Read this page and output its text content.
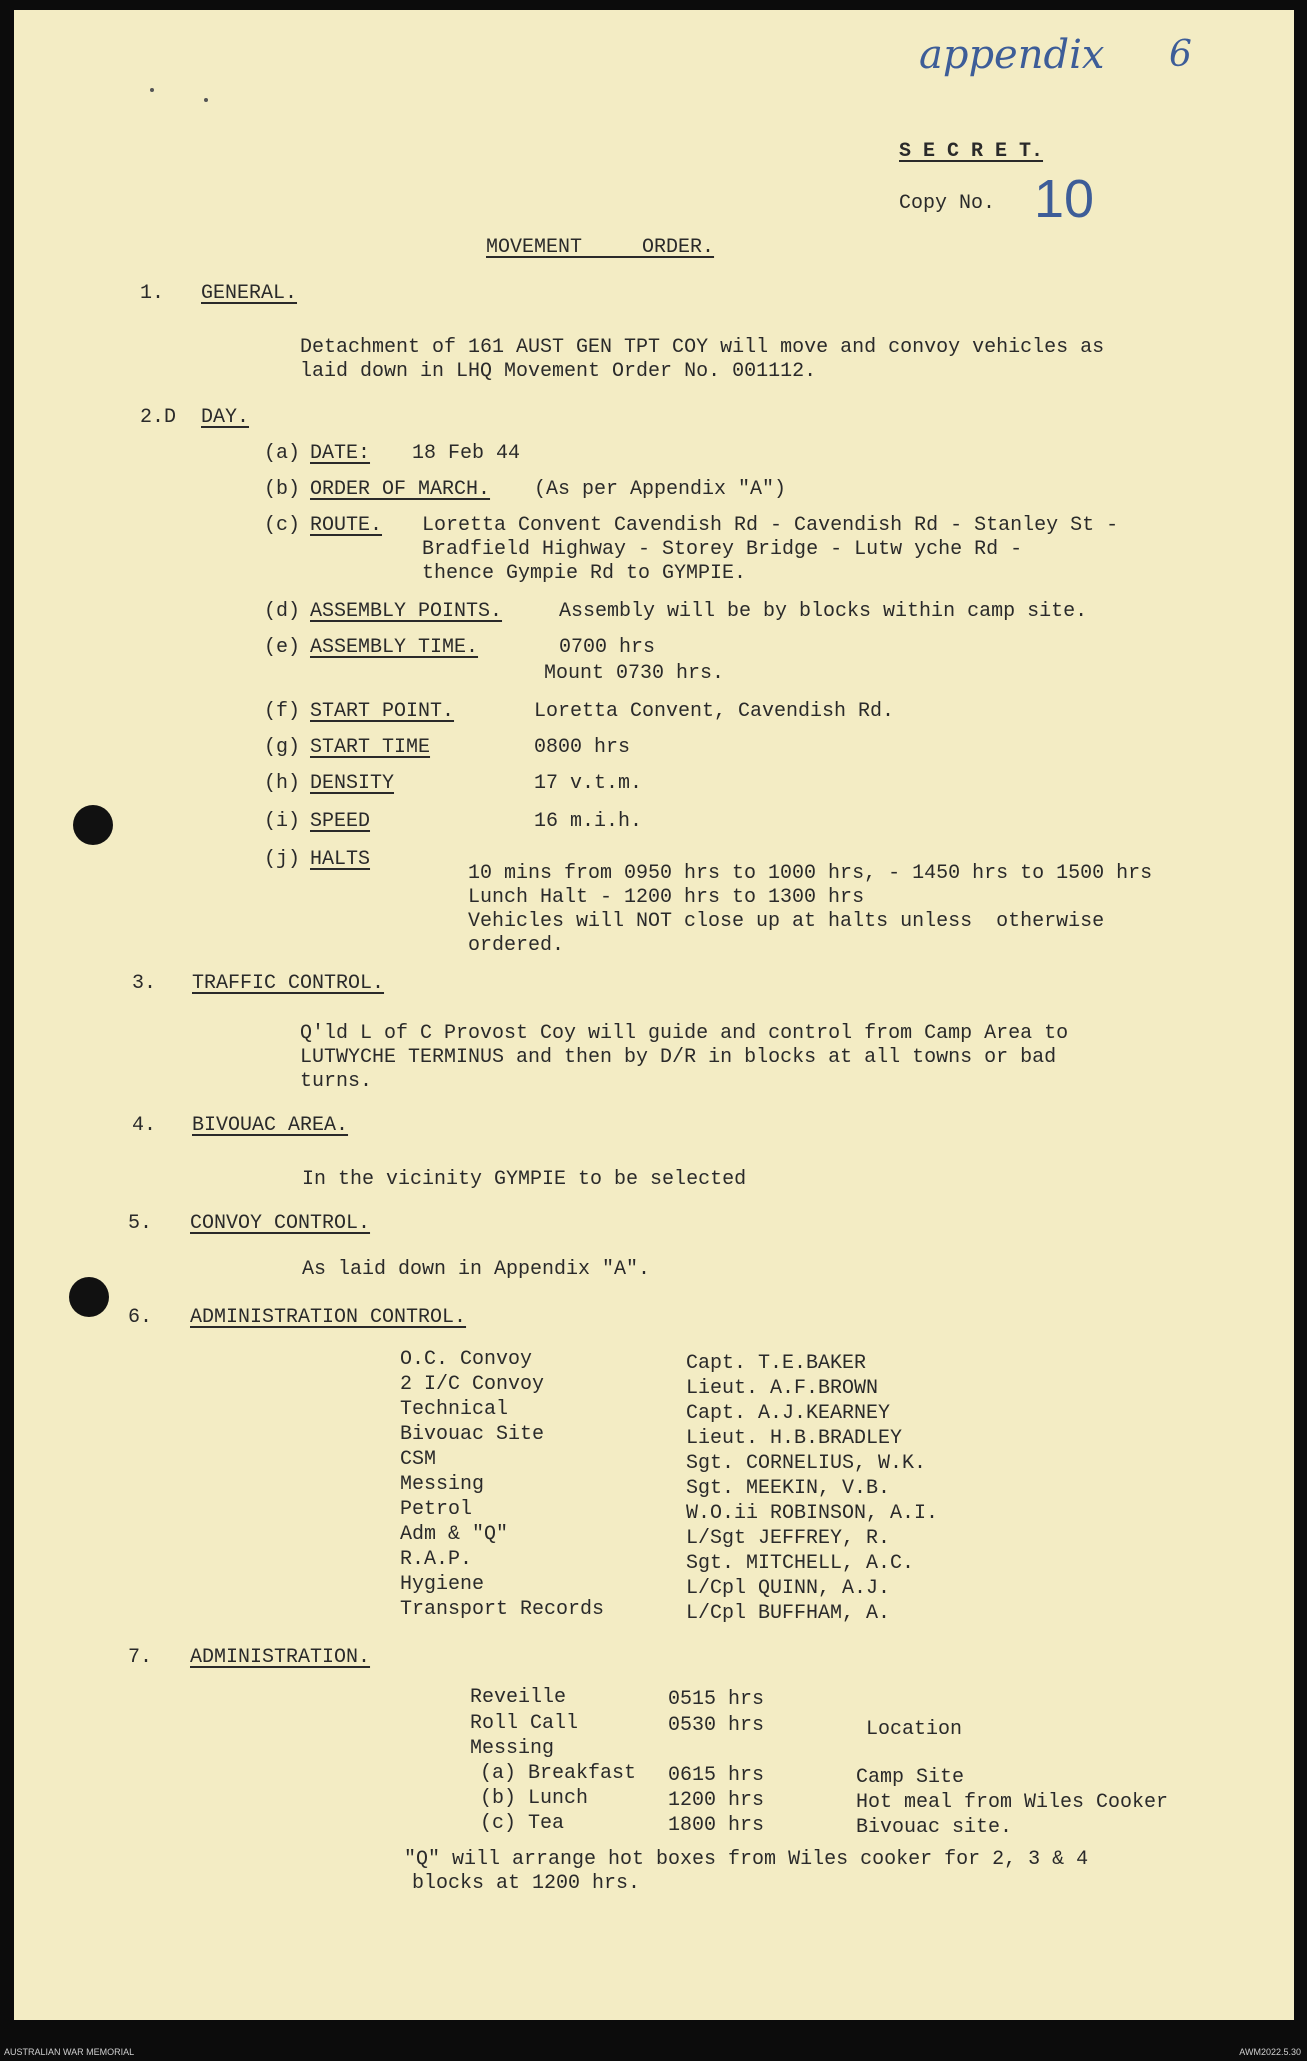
appendix 6
10
S E C R E T.
Copy No.
MOVEMENT     ORDER.
1. GENERAL.
Detachment of 161 AUST GEN TPT COY will move and convoy vehicles as
laid down in LHQ Movement Order No. 001112.
2.D DAY.
(a) DATE: 18 Feb 44
(b) ORDER OF MARCH. (As per Appendix "A")
(c) ROUTE. Loretta Convent Cavendish Rd - Cavendish Rd - Stanley St -
Bradfield Highway - Storey Bridge - Lutw yche Rd -
thence Gympie Rd to GYMPIE.
(d) ASSEMBLY POINTS.	Assembly will be by blocks within camp site.
(e) ASSEMBLY TIME.	0700 hrs
Mount 0730 hrs.
(f) START POINT.	Loretta Convent, Cavendish Rd.
(g) START TIME	0800 hrs
(h) DENSITY	17 v.t.m.
(i) SPEED	16 m.i.h.
(j) HALTS
10 mins from 0950 hrs to 1000 hrs, - 1450 hrs to 1500 hrs
Lunch Halt - 1200 hrs to 1300 hrs
Vehicles will NOT close up at halts unless  otherwise
ordered.
3. TRAFFIC CONTROL.
Q'ld L of C Provost Coy will guide and control from Camp Area to
LUTWYCHE TERMINUS and then by D/R in blocks at all towns or bad
turns.
4. BIVOUAC AREA.
In the vicinity GYMPIE to be selected
5. CONVOY CONTROL.
As laid down in Appendix "A".
6. ADMINISTRATION CONTROL.
O.C. Convoy	Capt. T.E.BAKER
2 I/C Convoy	Lieut. A.F.BROWN
Technical	Capt. A.J.KEARNEY
Bivouac Site	Lieut. H.B.BRADLEY
CSM	Sgt. CORNELIUS, W.K.
Messing	Sgt. MEEKIN, V.B.
Petrol	W.O.ii ROBINSON, A.I.
Adm & "Q"	L/Sgt JEFFREY, R.
R.A.P.	Sgt. MITCHELL, A.C.
Hygiene	L/Cpl QUINN, A.J.
Transport Records	L/Cpl BUFFHAM, A.
7. ADMINISTRATION.
Reveille	0515 hrs
Roll Call	0530 hrs	Location
Messing
(a) Breakfast 0615 hrs	Camp Site
(b) Lunch	1200 hrs	Hot meal from Wiles Cooker
(c) Tea	1800 hrs	Bivouac site.
"Q" will arrange hot boxes from Wiles cooker for 2, 3 & 4
blocks at 1200 hrs.
AUSTRALIAN WAR MEMORIAL	AWM2022.5.30
